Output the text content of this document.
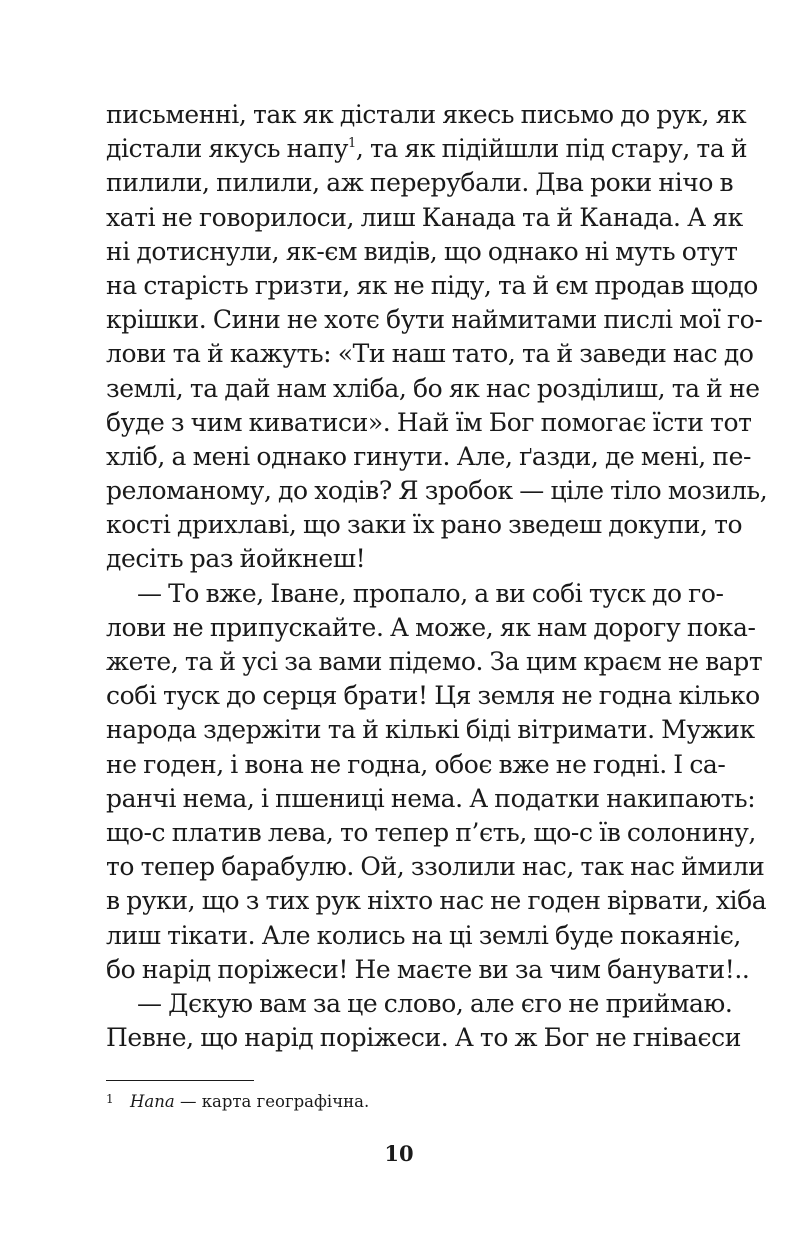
письменні, так як дістали якесь письмо до рук, як
дістали якусь напу$^1$, та як підійшли під стару, та й
пилили, пилили, аж перерубали. Два роки нічо в
хаті не говорилоси, лиш Канада та й Канада. А як
ні дотиснули, як-єм видів, що однако ні муть отут
на старість гризти, як не піду, та й єм продав щодо
крішки. Сини не хотє бути наймитами пислі мої го-
лови та й кажуть: «Ти наш тато, та й заведи нас до
землі, та дай нам хліба, бо як нас розділиш, та й не
буде з чим киватиси». Най їм Бог помогає їсти тот
хліб, а мені однако гинути. Але, ґазди, де мені, пе-
реломаному, до ходів? Я зробок — ціле тіло мозиль,
кості дрихлаві, що заки їх рано зведеш докупи, то
десіть раз йойкнеш!
— То вже, Іване, пропало, а ви собі туск до го-
лови не припускайте. А може, як нам дорогу пока-
жете, та й усі за вами підемо. За цим краєм не варт
собі туск до серця брати! Ця земля не годна кілько
народа здержіти та й кількі біді вітримати. Мужик
не годен, і вона не годна, обоє вже не годні. І са-
ранчі нема, і пшениці нема. А податки накипають:
що-с платив лева, то тепер п’єть, що-с їв солонину,
то тепер барабулю. Ой, ззолили нас, так нас ймили
в руки, що з тих рук ніхто нас не годен вірвати, хіба
лиш тікати. Але колись на ці землі буде покаяніє,
бо нарід поріжеси! Не маєте ви за чим банувати!..
— Дєкую вам за це слово, але єго не приймаю.
Певне, що нарід поріжеси. А то ж Бог не гніваєси
1 Напа — карта географічна.
10
